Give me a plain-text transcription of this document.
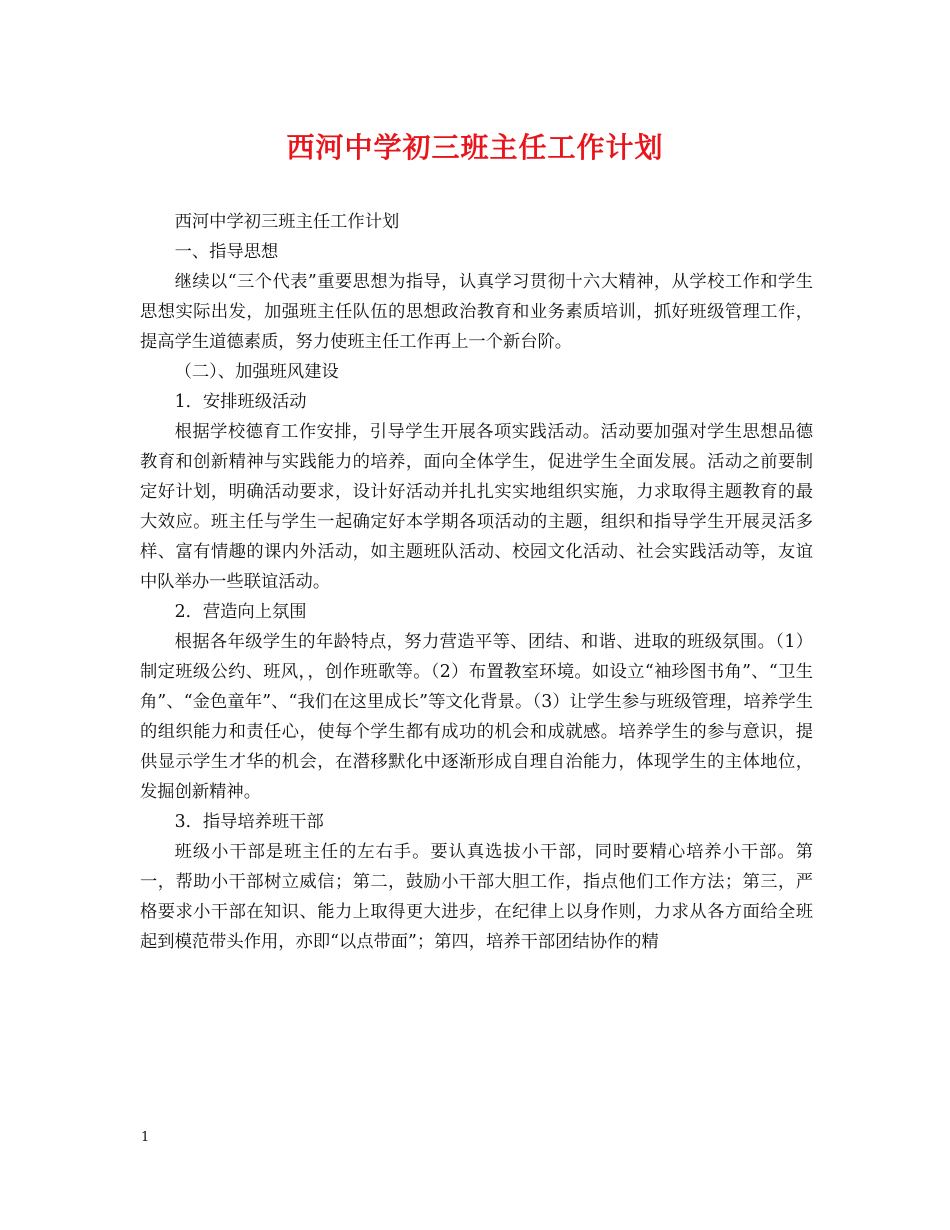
西河中学初三班主任工作计划

西河中学初三班主任工作计划

一、指导思想

继续以“三个代表”重要思想为指导，认真学习贯彻十六大精神，从学校工作和学生思想实际出发，加强班主任队伍的思想政治教育和业务素质培训，抓好班级管理工作，提高学生道德素质，努力使班主任工作再上一个新台阶。

（二）、加强班风建设

1．安排班级活动

根据学校德育工作安排，引导学生开展各项实践活动。活动要加强对学生思想品德教育和创新精神与实践能力的培养，面向全体学生，促进学生全面发展。活动之前要制定好计划，明确活动要求，设计好活动并扎扎实实地组织实施，力求取得主题教育的最大效应。班主任与学生一起确定好本学期各项活动的主题，组织和指导学生开展灵活多样、富有情趣的课内外活动，如主题班队活动、校园文化活动、社会实践活动等，友谊中队举办一些联谊活动。

2．营造向上氛围

根据各年级学生的年龄特点，努力营造平等、团结、和谐、进取的班级氛围。（1）制定班级公约、班风，，创作班歌等。（2）布置教室环境。如设立“袖珍图书角”、“卫生角”、“金色童年”、“我们在这里成长”等文化背景。（3）让学生参与班级管理，培养学生的组织能力和责任心，使每个学生都有成功的机会和成就感。培养学生的参与意识，提供显示学生才华的机会，在潜移默化中逐渐形成自理自治能力，体现学生的主体地位，发掘创新精神。

3．指导培养班干部

班级小干部是班主任的左右手。要认真选拔小干部，同时要精心培养小干部。第一，帮助小干部树立威信；第二，鼓励小干部大胆工作，指点他们工作方法；第三，严格要求小干部在知识、能力上取得更大进步，在纪律上以身作则，力求从各方面给全班起到模范带头作用，亦即“以点带面”；第四，培养干部团结协作的精

1
